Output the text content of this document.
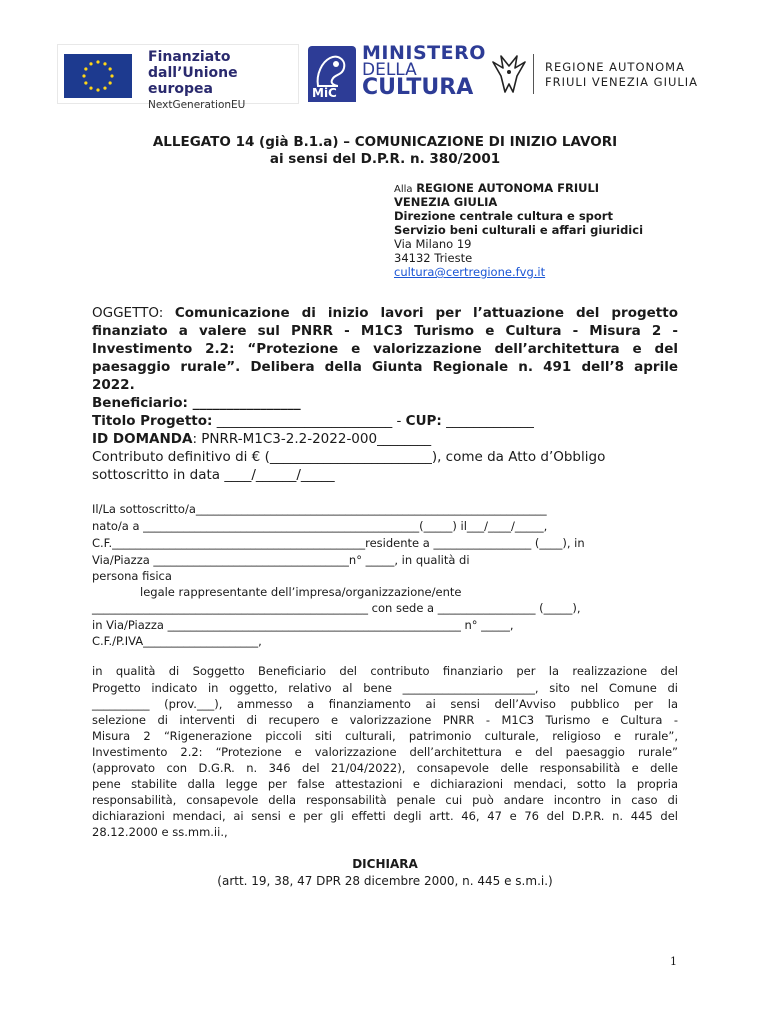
Finanziato
dall’Unione europea
NextGenerationEU
MiC
MINISTERO
DELLA
CULTURA
REGIONE AUTONOMA
FRIULI VENEZIA GIULIA
ALLEGATO 14 (già B.1.a) – COMUNICAZIONE DI INIZIO LAVORI
ai sensi del D.P.R. n. 380/2001
Alla REGIONE AUTONOMA FRIULI
VENEZIA GIULIA
Direzione centrale cultura e sport
Servizio beni culturali e affari giuridici
Via Milano 19
34132 Trieste
cultura@certregione.fvg.it
OGGETTO: Comunicazione di inizio lavori per l’attuazione del progetto
finanziato a valere sul PNRR - M1C3 Turismo e Cultura - Misura 2 -
Investimento 2.2: “Protezione e valorizzazione dell’architettura e del
paesaggio rurale”. Delibera della Giunta Regionale n. 491 dell’8 aprile
2022.
Beneficiario: ________________
Titolo Progetto: __________________________ - CUP: _____________
ID DOMANDA: PNRR-M1C3-2.2-2022-000________
Contributo definitivo di € (________________________), come da Atto d’Obbligo
sottoscritto in data ____/______/_____
Il/La sottoscritto/a_____________________________________________________________
nato/a a ________________________________________________(_____) il___/____/_____,
C.F.____________________________________________residente a _________________ (____), in
Via/Piazza __________________________________n° _____, in qualità di
persona fisica
legale rappresentante dell’impresa/organizzazione/ente
________________________________________________ con sede a _________________ (_____),
in Via/Piazza ___________________________________________________ n° _____,
C.F./P.IVA____________________,
in qualità di Soggetto Beneficiario del contributo finanziario per la realizzazione del
Progetto indicato in oggetto, relativo al bene _______________________, sito nel Comune di
__________ (prov.___), ammesso a finanziamento ai sensi dell’Avviso pubblico per la
selezione di interventi di recupero e valorizzazione PNRR - M1C3 Turismo e Cultura -
Misura 2 “Rigenerazione piccoli siti culturali, patrimonio culturale, religioso e rurale”,
Investimento 2.2: “Protezione e valorizzazione dell’architettura e del paesaggio rurale”
(approvato con D.G.R. n. 346 del 21/04/2022), consapevole delle responsabilità e delle
pene stabilite dalla legge per false attestazioni e dichiarazioni mendaci, sotto la propria
responsabilità, consapevole della responsabilità penale cui può andare incontro in caso di
dichiarazioni mendaci, ai sensi e per gli effetti degli artt. 46, 47 e 76 del D.P.R. n. 445 del
28.12.2000 e ss.mm.ii.,
DICHIARA
(artt. 19, 38, 47 DPR 28 dicembre 2000, n. 445 e s.m.i.)
1
